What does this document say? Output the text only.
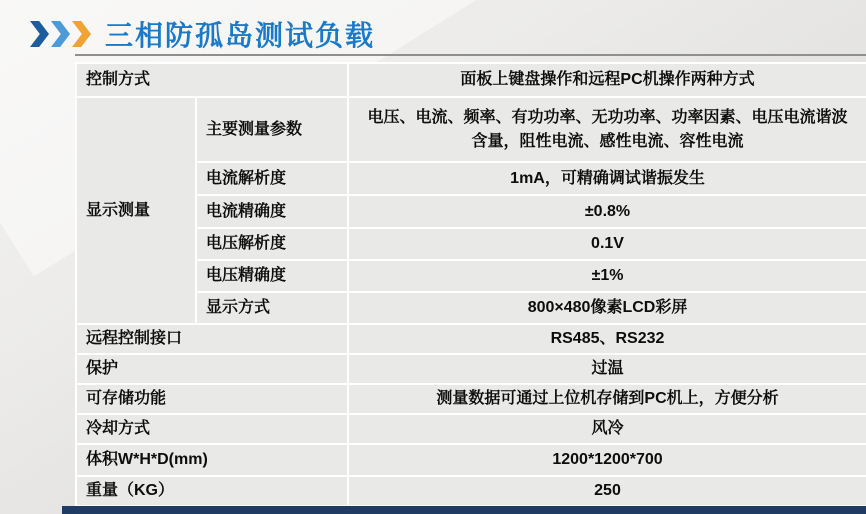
三相防孤岛测试负载
控制方式		面板上键盘操作和远程PC机操作两种方式
显示测量	主要测量参数	电压、电流、频率、有功功率、无功功率、功率因素、电压电流谐波含量，阻性电流、感性电流、容性电流
	电流解析度	1mA，可精确调试谐振发生
	电流精确度	±0.8%
	电压解析度	0.1V
	电压精确度	±1%
	显示方式	800×480像素LCD彩屏
远程控制接口		RS485、RS232
保护		过温
可存储功能		测量数据可通过上位机存储到PC机上，方便分析
冷却方式		风冷
体积W*H*D(mm)		1200*1200*700
重量（KG）		250
